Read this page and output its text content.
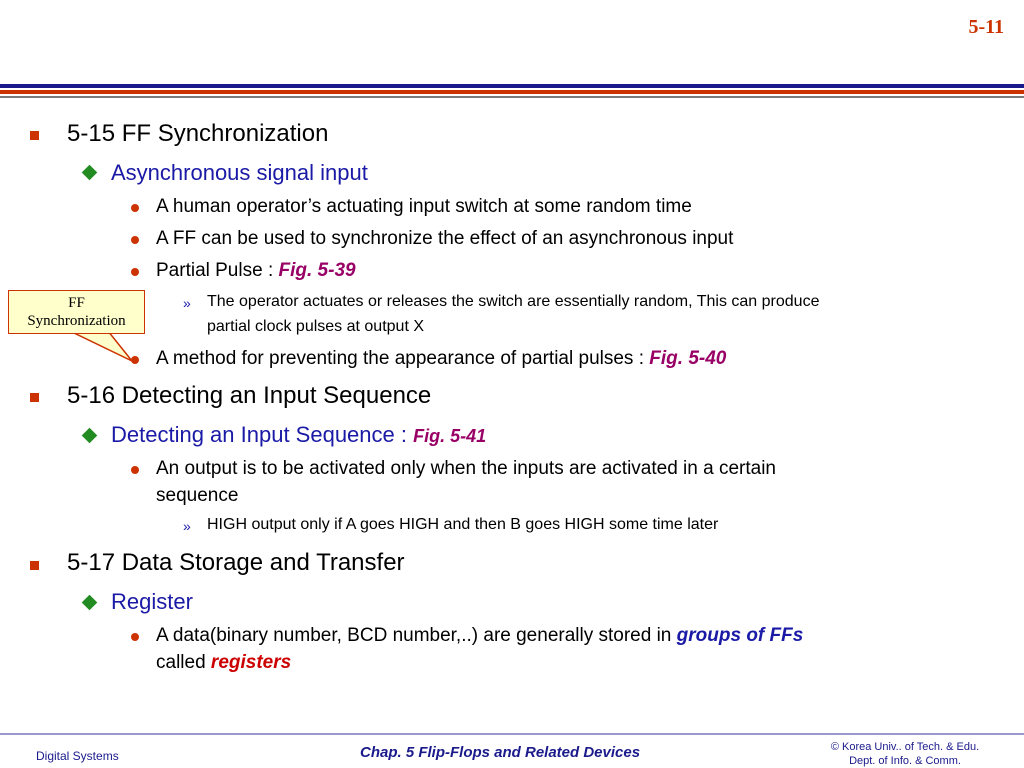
5-11
5-15 FF Synchronization
Asynchronous signal input
A human operator’s actuating input switch at some random time
A FF can be used to synchronize the effect of an asynchronous input
Partial Pulse : Fig. 5-39
» The operator actuates or releases the switch are essentially random, This can produce
partial clock pulses at output X
A method for preventing the appearance of partial pulses : Fig. 5-40
5-16 Detecting an Input Sequence
Detecting an Input Sequence : Fig. 5-41
An output is to be activated only when the inputs are activated in a certain
sequence
» HIGH output only if A goes HIGH and then B goes HIGH some time later
5-17 Data Storage and Transfer
Register
A data(binary number, BCD number,..) are generally stored in groups of FFs
called registers
FF
Synchronization
Digital Systems	Chap. 5 Flip-Flops and Related Devices	© Korea Univ.. of Tech. & Edu.
Dept. of Info. & Comm.
